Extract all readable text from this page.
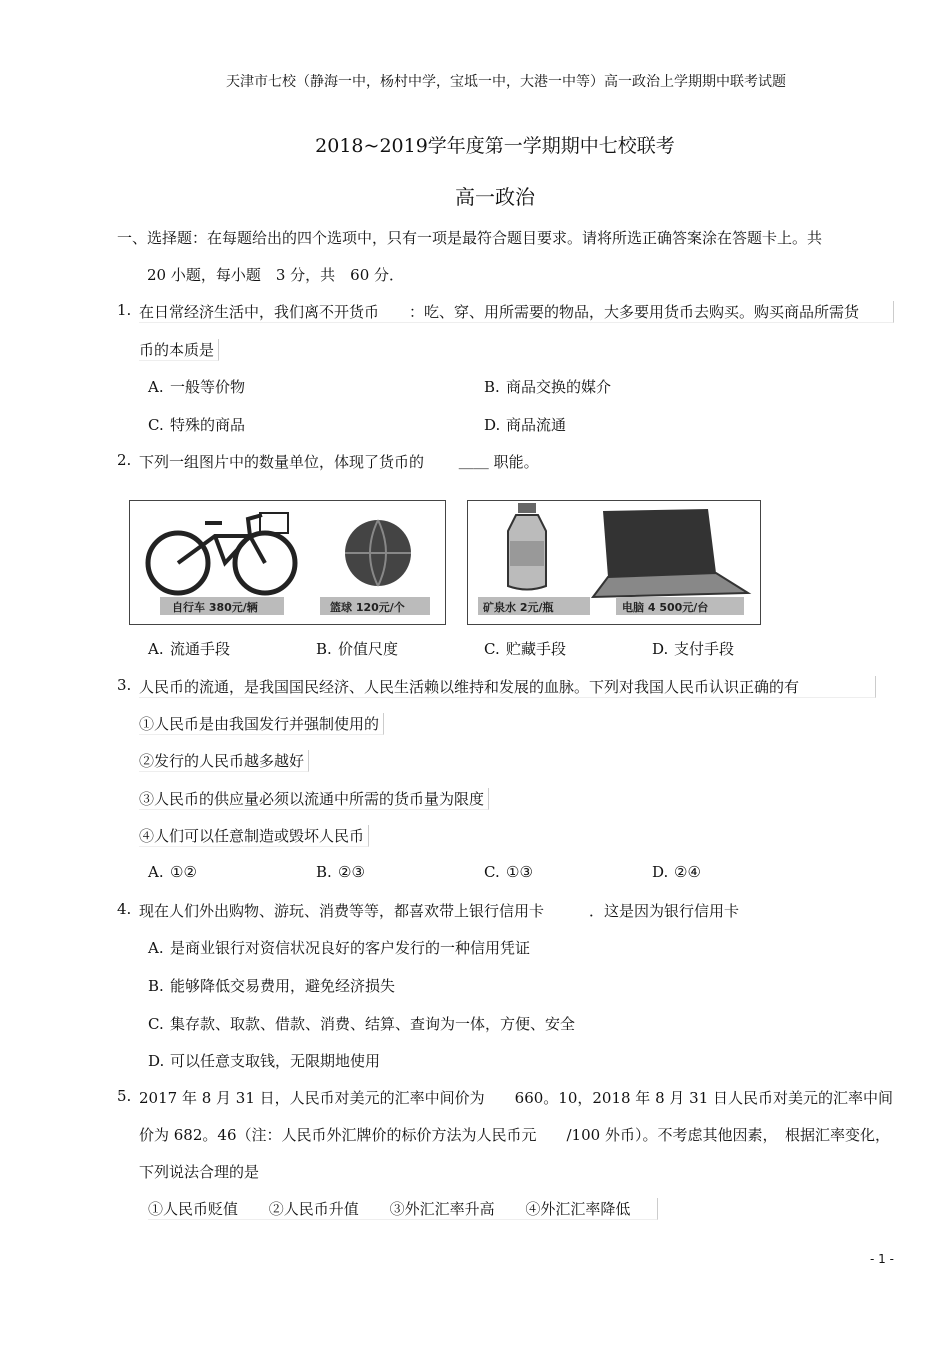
天津市七校（静海一中，杨村中学，宝坻一中，大港一中等）高一政治上学期期中联考试题
2018~2019学年度第一学期期中七校联考
高一政治
一、选择题：在每题给出的四个选项中，只有一项是最符合题目要求。请将所选正确答案涂在答题卡上。共
20 小题，每小题　3 分，共　60 分．
1. 在日常经济生活中，我们离不开货币　　：吃、穿、用所需要的物品，大多要用货币去购买。购买商品所需货
币的本质是
A. 一般等价物	B. 商品交换的媒介
C. 特殊的商品	D. 商品流通
2. 下列一组图片中的数量单位，体现了货币的 ＿＿ 职能。
自行车 380元/辆	篮球 120元/个	矿泉水 2元/瓶	电脑 4 500元/台
A. 流通手段	B. 价值尺度	C. 贮藏手段	D. 支付手段
3. 人民币的流通，是我国国民经济、人民生活赖以维持和发展的血脉。下列对我国人民币认识正确的有
①人民币是由我国发行并强制使用的
②发行的人民币越多越好
③人民币的供应量必须以流通中所需的货币量为限度
④人们可以任意制造或毁坏人民币
A. ①②	B. ②③	C. ①③	D. ②④
4. 现在人们外出购物、游玩、消费等等，都喜欢带上银行信用卡　　　．这是因为银行信用卡
A. 是商业银行对资信状况良好的客户发行的一种信用凭证
B. 能够降低交易费用，避免经济损失
C. 集存款、取款、借款、消费、结算、查询为一体，方便、安全
D. 可以任意支取钱，无限期地使用
5. 2017 年 8 月 31 日，人民币对美元的汇率中间价为　　660。10，2018 年 8 月 31 日人民币对美元的汇率中间
价为 682。46（注：人民币外汇牌价的标价方法为人民币元　　/100 外币）。不考虑其他因素，　根据汇率变化，
下列说法合理的是
①人民币贬值 ②人民币升值 ③外汇汇率升高 ④外汇汇率降低
- 1 -
